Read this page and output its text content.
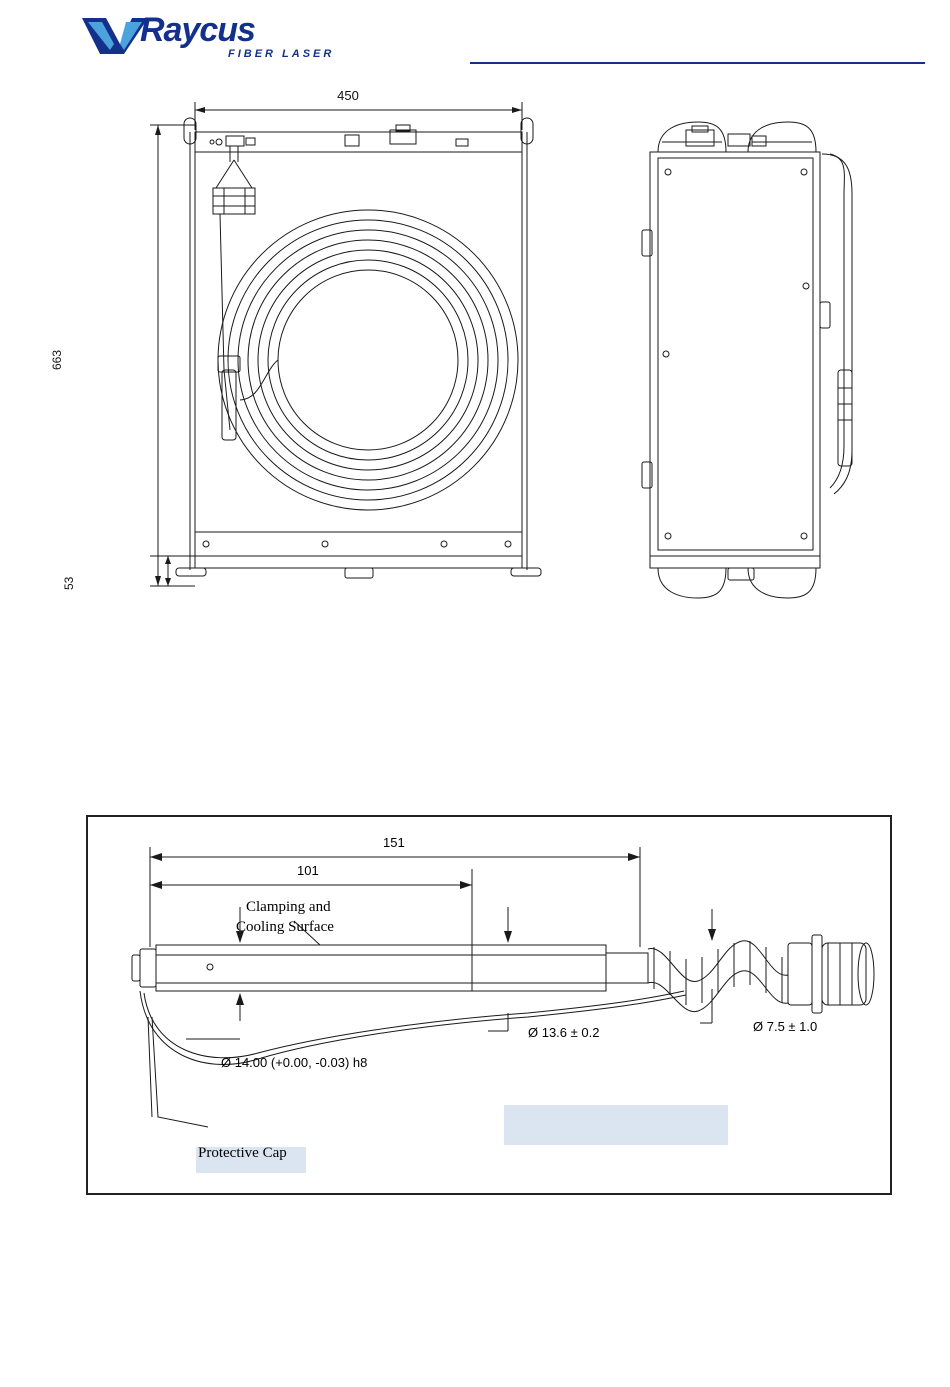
Raycus
FIBER LASER
450
663
53
151
101
Clamping and
Cooling Surface
Ø 14.00 (+0.00, -0.03) h8
Ø 13.6 ± 0.2	Ø 7.5 ± 1.0
Protective Cap
